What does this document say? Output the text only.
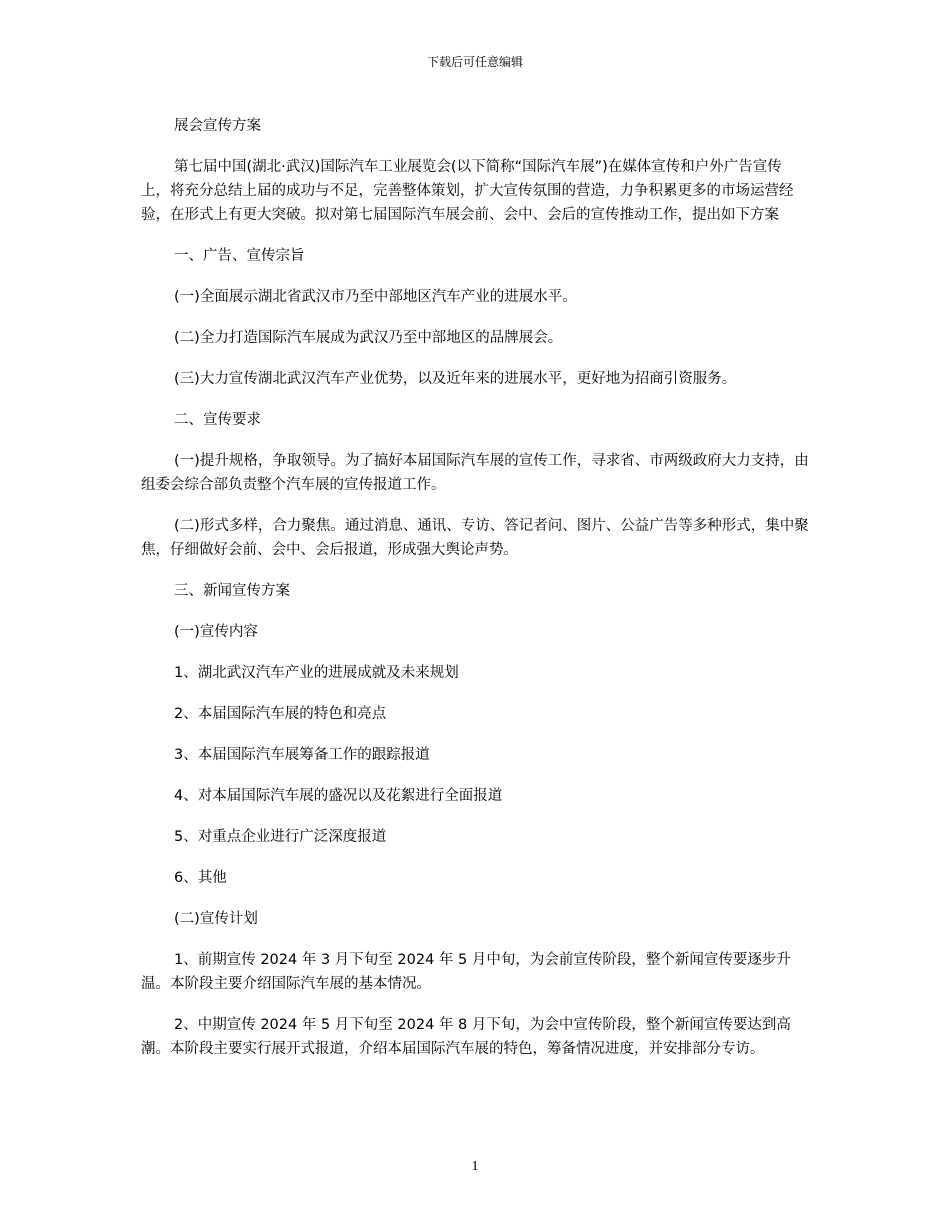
下载后可任意编辑

展会宣传方案

第七届中国(湖北·武汉)国际汽车工业展览会(以下简称“国际汽车展”)在媒体宣传和户外广告宣传上，将充分总结上届的成功与不足，完善整体策划，扩大宣传氛围的营造，力争积累更多的市场运营经验，在形式上有更大突破。拟对第七届国际汽车展会前、会中、会后的宣传推动工作，提出如下方案

一、广告、宣传宗旨

(一)全面展示湖北省武汉市乃至中部地区汽车产业的进展水平。

(二)全力打造国际汽车展成为武汉乃至中部地区的品牌展会。

(三)大力宣传湖北武汉汽车产业优势，以及近年来的进展水平，更好地为招商引资服务。

二、宣传要求

(一)提升规格，争取领导。为了搞好本届国际汽车展的宣传工作，寻求省、市两级政府大力支持，由组委会综合部负责整个汽车展的宣传报道工作。

(二)形式多样，合力聚焦。通过消息、通讯、专访、答记者问、图片、公益广告等多种形式，集中聚焦，仔细做好会前、会中、会后报道，形成强大舆论声势。

三、新闻宣传方案

(一)宣传内容

1、湖北武汉汽车产业的进展成就及未来规划

2、本届国际汽车展的特色和亮点

3、本届国际汽车展筹备工作的跟踪报道

4、对本届国际汽车展的盛况以及花絮进行全面报道

5、对重点企业进行广泛深度报道

6、其他

(二)宣传计划

1、前期宣传 2024 年 3 月下旬至 2024 年 5 月中旬，为会前宣传阶段，整个新闻宣传要逐步升温。本阶段主要介绍国际汽车展的基本情况。

2、中期宣传 2024 年 5 月下旬至 2024 年 8 月下旬，为会中宣传阶段，整个新闻宣传要达到高潮。本阶段主要实行展开式报道，介绍本届国际汽车展的特色，筹备情况进度，并安排部分专访。

1
